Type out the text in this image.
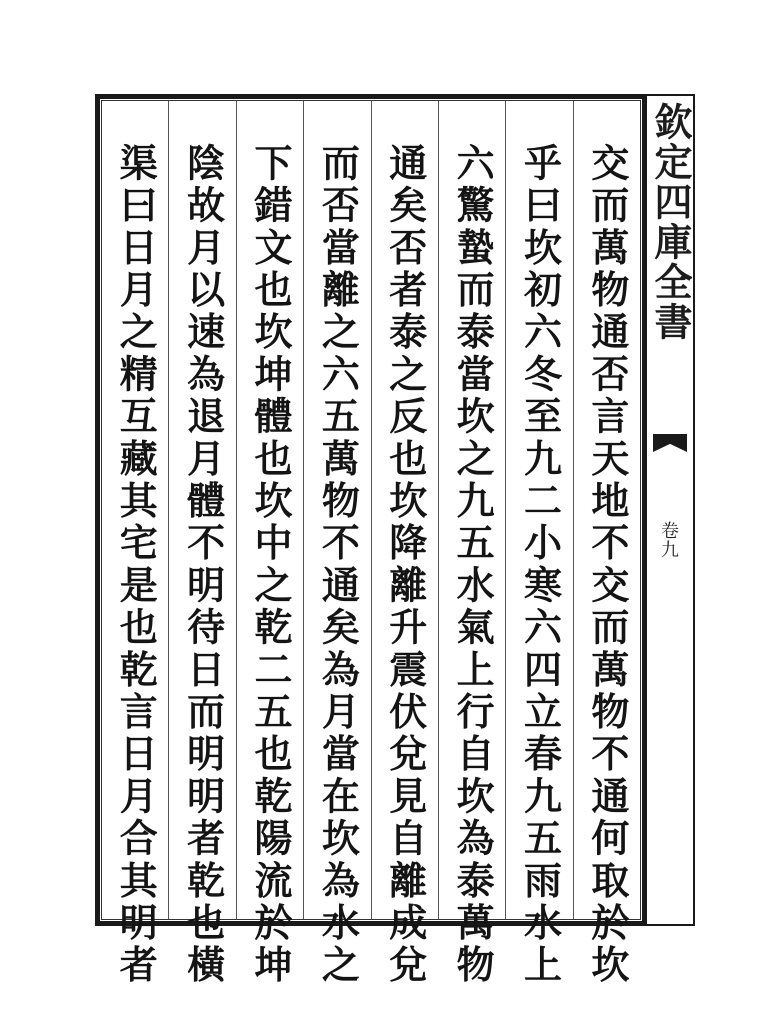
交而萬物通否言天地不交而萬物不通何取於坎
乎曰坎初六冬至九二小寒六四立春九五雨水上
六驚蟄而泰當坎之九五水氣上行自坎為泰萬物
通矣否者泰之反也坎降離升震伏兌見自離成兌
而否當離之六五萬物不通矣為月當在坎為水之
下錯文也坎坤體也坎中之乾二五也乾陽流於坤
陰故月以速為退月體不明待日而明明者乾也橫
渠曰日月之精互藏其宅是也乾言日月合其明者	欽定四庫全書
卷九
